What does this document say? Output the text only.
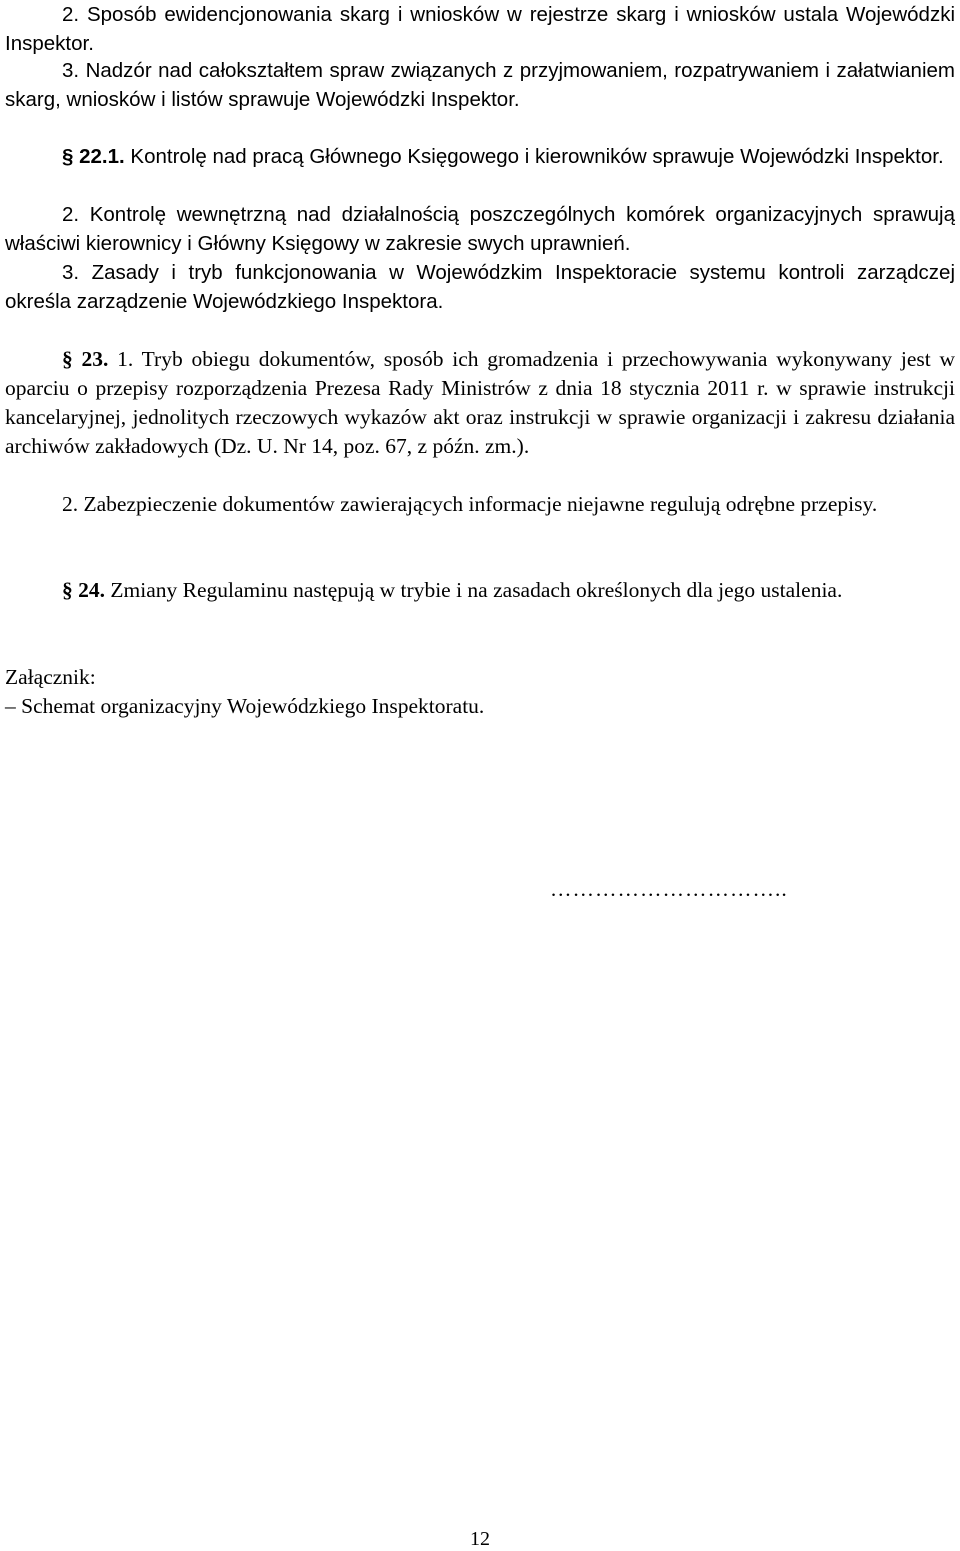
2. Sposób ewidencjonowania skarg i wniosków w rejestrze skarg i wniosków ustala Wojewódzki Inspektor.
3. Nadzór nad całokształtem spraw związanych z przyjmowaniem, rozpatrywaniem i załatwianiem skarg, wniosków i listów sprawuje Wojewódzki Inspektor.
§ 22.1. Kontrolę nad pracą Głównego Księgowego i kierowników sprawuje Wojewódzki Inspektor.
2. Kontrolę wewnętrzną nad działalnością poszczególnych komórek organizacyjnych sprawują właściwi kierownicy i Główny Księgowy w zakresie swych uprawnień.
3. Zasady i tryb funkcjonowania w Wojewódzkim Inspektoracie systemu kontroli zarządczej określa zarządzenie Wojewódzkiego Inspektora.
§ 23. 1. Tryb obiegu dokumentów, sposób ich gromadzenia i przechowywania wykonywany jest w oparciu o przepisy rozporządzenia Prezesa Rady Ministrów z dnia 18 stycznia 2011 r. w sprawie instrukcji kancelaryjnej, jednolitych rzeczowych wykazów akt oraz instrukcji w sprawie organizacji i zakresu działania archiwów zakładowych (Dz. U. Nr 14, poz. 67, z późn. zm.).
2. Zabezpieczenie dokumentów zawierających informacje niejawne regulują odrębne przepisy.
§ 24. Zmiany Regulaminu następują w trybie i na zasadach określonych dla jego ustalenia.
Załącznik:
– Schemat organizacyjny Wojewódzkiego Inspektoratu.
…………………………..
12
